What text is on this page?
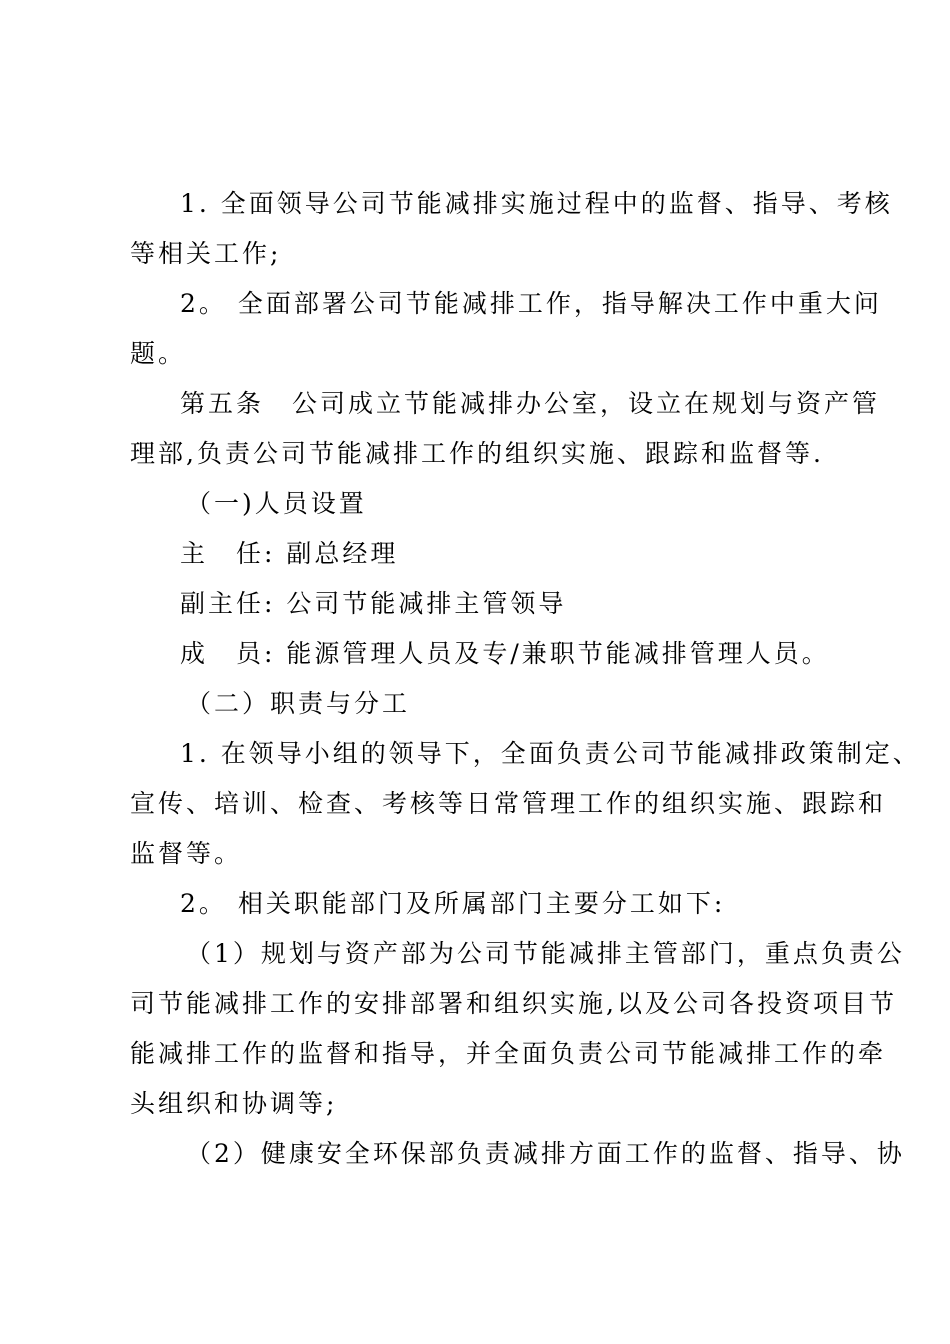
1. 全面领导公司节能减排实施过程中的监督、指导、考核
等相关工作;
2。 全面部署公司节能减排工作，指导解决工作中重大问
题。
第五条　公司成立节能减排办公室，设立在规划与资产管
理部,负责公司节能减排工作的组织实施、跟踪和监督等.
（一)人员设置
主　任: 副总经理
副主任: 公司节能减排主管领导
成　员: 能源管理人员及专/兼职节能减排管理人员。
（二）职责与分工
1. 在领导小组的领导下，全面负责公司节能减排政策制定、
宣传、培训、检查、考核等日常管理工作的组织实施、跟踪和
监督等。
2。 相关职能部门及所属部门主要分工如下:
（1）规划与资产部为公司节能减排主管部门，重点负责公
司节能减排工作的安排部署和组织实施,以及公司各投资项目节
能减排工作的监督和指导，并全面负责公司节能减排工作的牵
头组织和协调等;
（2）健康安全环保部负责减排方面工作的监督、指导、协
